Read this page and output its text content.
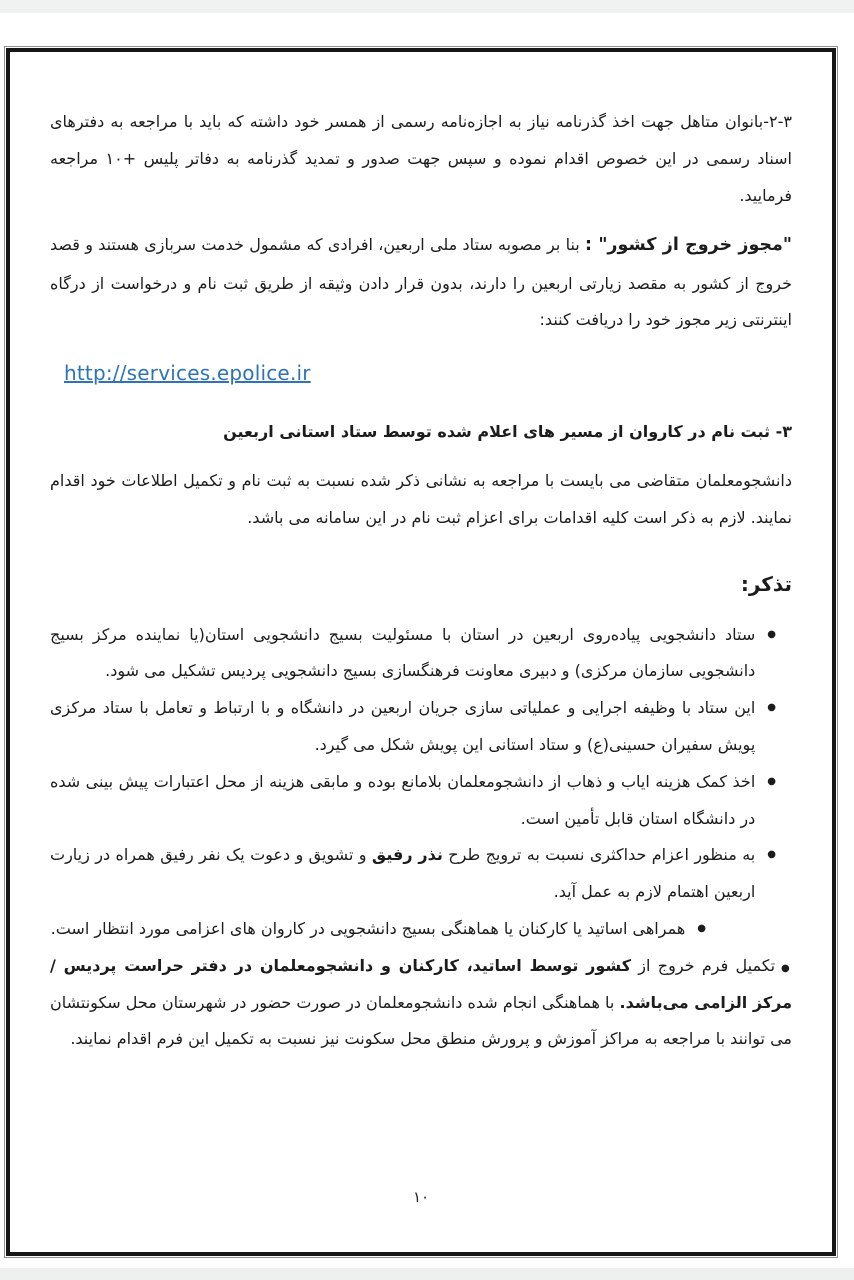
۲-۳-بانوان متاهل جهت اخذ گذرنامه نیاز به اجازه‌نامه رسمی از همسر خود داشته که باید با مراجعه به دفترهای اسناد رسمی در این خصوص اقدام نموده و سپس جهت صدور و تمدید گذرنامه به دفاتر پلیس +۱۰ مراجعه فرمایید.

"مجوز خروج از کشور" : بنا بر مصوبه ستاد ملی اربعین، افرادی که مشمول خدمت سربازی هستند و قصد خروج از کشور به مقصد زیارتی اربعین را دارند، بدون قرار دادن وثیقه از طریق ثبت نام و درخواست از درگاه اینترنتی زیر مجوز خود را دریافت کنند:

http://services.epolice.ir
۳- ثبت نام در کاروان از مسیر های اعلام شده توسط ستاد استانی اربعین

دانشجومعلمان متقاضی می بایست با مراجعه به نشانی ذکر شده نسبت به ثبت نام و تکمیل اطلاعات خود اقدام نمایند. لازم به ذکر است کلیه اقدامات برای اعزام ثبت نام در این سامانه می باشد.

تذکر:
●
ستاد دانشجویی پیاده‌روی اربعین در استان با مسئولیت بسیج دانشجویی استان(یا نماینده مرکز بسیج دانشجویی سازمان مرکزی) و دبیری معاونت فرهنگسازی بسیج دانشجویی پردیس تشکیل می شود.
●
این ستاد با وظیفه اجرایی و عملیاتی سازی جریان اربعین در دانشگاه و با ارتباط و تعامل با ستاد مرکزی پویش سفیران حسینی(ع) و ستاد استانی این پویش شکل می گیرد.
●
اخذ کمک هزینه ایاب و ذهاب از دانشجومعلمان بلامانع بوده و مابقی هزینه از محل اعتبارات پیش بینی شده در دانشگاه استان قابل تأمین است.
●
به منظور اعزام حداکثری نسبت به ترویج طرح نذر رفیق و تشویق و دعوت یک نفر رفیق همراه در زیارت اربعین اهتمام لازم به عمل آید.
●
همراهی اساتید یا کارکنان یا هماهنگی بسیج دانشجویی در کاروان های اعزامی مورد انتظار است.
●تکمیل فرم خروج از کشور توسط اساتید، کارکنان و دانشجومعلمان در دفتر حراست پردیس / مرکز الزامی می‌باشد. با هماهنگی انجام شده دانشجومعلمان در صورت حضور در شهرستان محل سکونتشان می توانند با مراجعه به مراکز آموزش و پرورش منطق محل سکونت نیز نسبت به تکمیل این فرم اقدام نمایند.
۱۰
